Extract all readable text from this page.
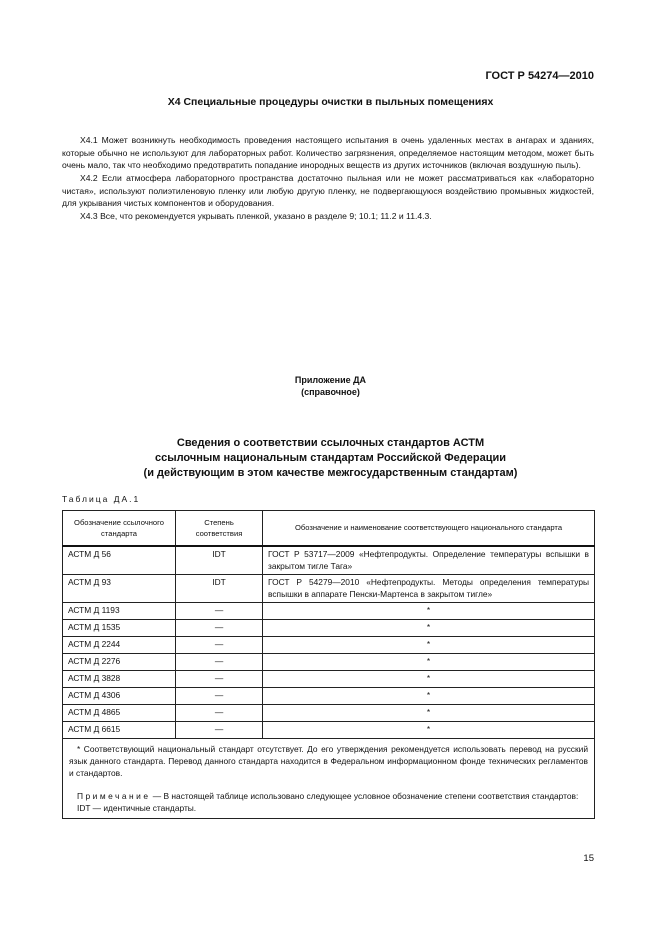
ГОСТ Р 54274—2010
X4 Специальные процедуры очистки в пыльных помещениях
X4.1 Может возникнуть необходимость проведения настоящего испытания в очень удаленных местах в ангарах и зданиях, которые обычно не используют для лабораторных работ. Количество загрязнения, определяемое настоящим методом, может быть очень мало, так что необходимо предотвратить попадание инородных веществ из других источников (включая воздушную пыль).
X4.2 Если атмосфера лабораторного пространства достаточно пыльная или не может рассматриваться как «лабораторно чистая», используют полиэтиленовую пленку или любую другую пленку, не подвергающуюся воздействию промывных жидкостей, для укрывания чистых компонентов и оборудования.
X4.3 Все, что рекомендуется укрывать пленкой, указано в разделе 9; 10.1; 11.2 и 11.4.3.
Приложение ДА
(справочное)
Сведения о соответствии ссылочных стандартов АСТМ
ссылочным национальным стандартам Российской Федерации
(и действующим в этом качестве межгосударственным стандартам)
Таблица ДА.1
Обозначение ссылочного стандарта	Степень соответствия	Обозначение и наименование соответствующего национального стандарта
АСТМ Д 56	IDT	ГОСТ Р 53717—2009 «Нефтепродукты. Определение температуры вспышки в закрытом тигле Тага»
АСТМ Д 93	IDT	ГОСТ Р 54279—2010 «Нефтепродукты. Методы определения температуры вспышки в аппарате Пенски-Мартенса в закрытом тигле»
АСТМ Д 1193	—	*
АСТМ Д 1535	—	*
АСТМ Д 2244	—	*
АСТМ Д 2276	—	*
АСТМ Д 3828	—	*
АСТМ Д 4306	—	*
АСТМ Д 4865	—	*
АСТМ Д 6615	—	*

* Соответствующий национальный стандарт отсутствует. До его утверждения рекомендуется использовать перевод на русский язык данного стандарта. Перевод данного стандарта находится в Федеральном информационном фонде технических регламентов и стандартов.
Примечание — В настоящей таблице использовано следующее условное обозначение степени соответствия стандартов:
IDT — идентичные стандарты.		
15
